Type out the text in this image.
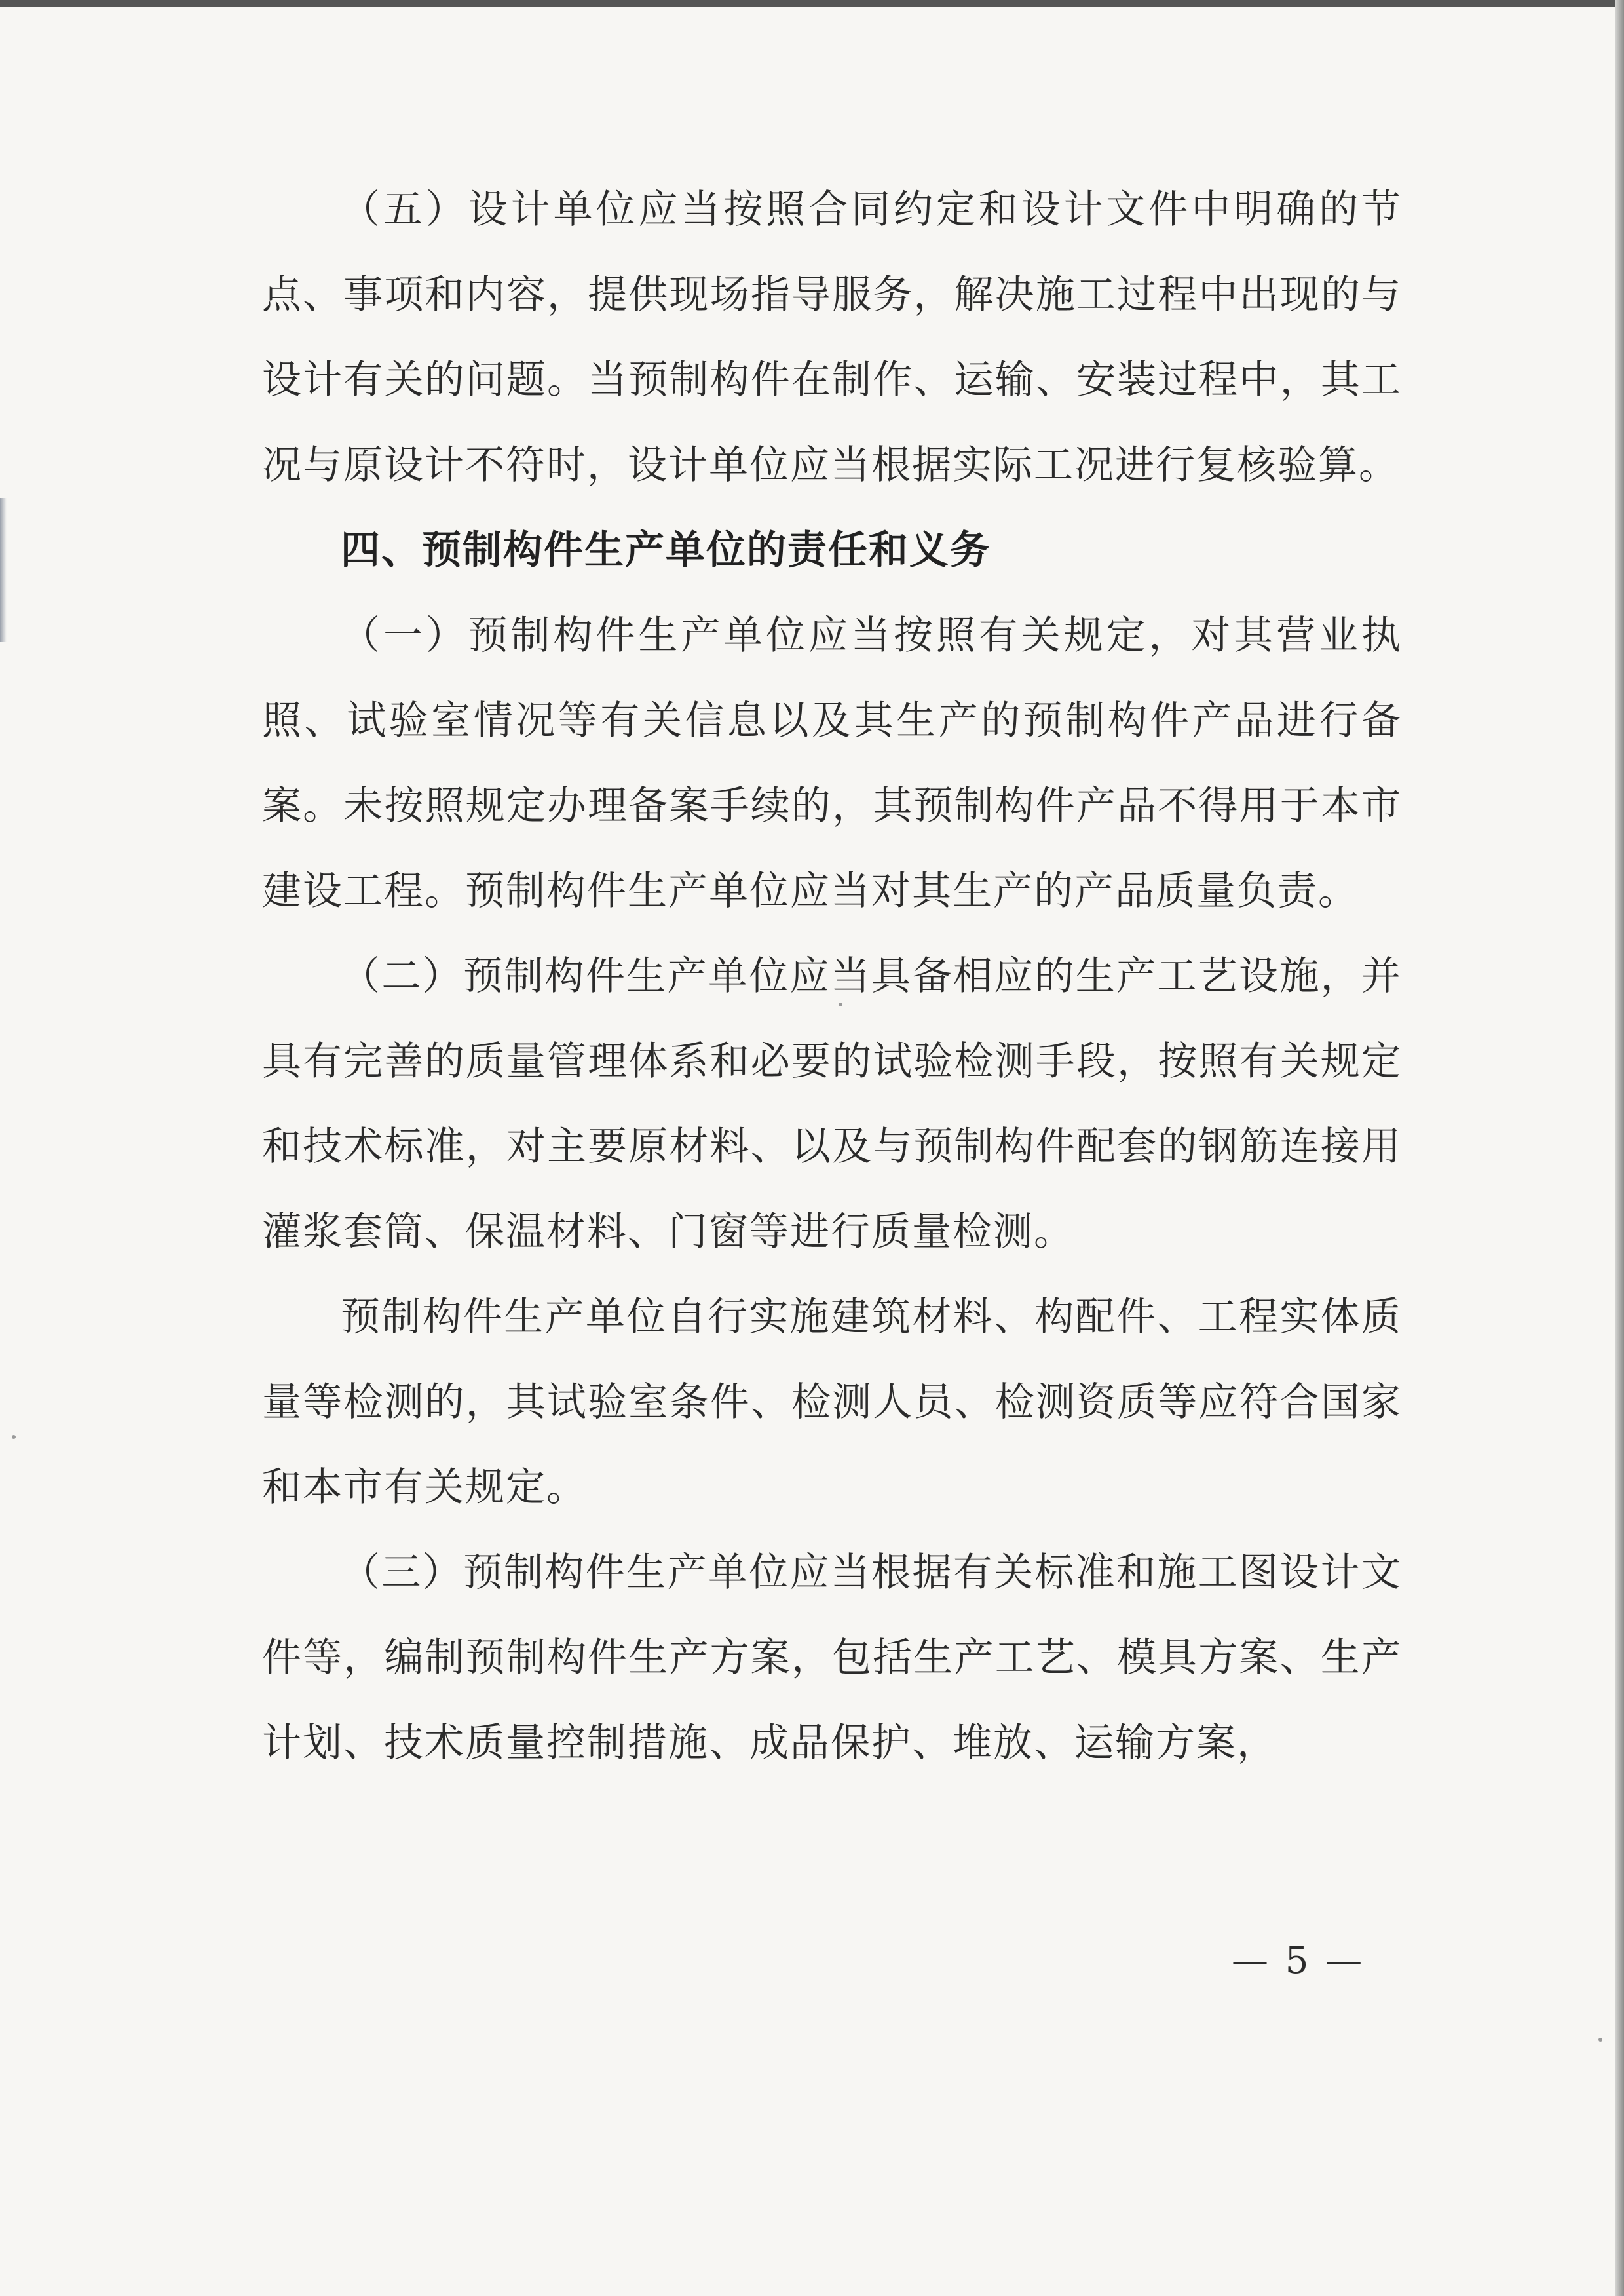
（五）设计单位应当按照合同约定和设计文件中明确的节点、事项和内容，提供现场指导服务，解决施工过程中出现的与设计有关的问题。当预制构件在制作、运输、安装过程中，其工况与原设计不符时，设计单位应当根据实际工况进行复核验算。

四、预制构件生产单位的责任和义务

（一）预制构件生产单位应当按照有关规定，对其营业执照、试验室情况等有关信息以及其生产的预制构件产品进行备案。未按照规定办理备案手续的，其预制构件产品不得用于本市建设工程。预制构件生产单位应当对其生产的产品质量负责。

（二）预制构件生产单位应当具备相应的生产工艺设施，并具有完善的质量管理体系和必要的试验检测手段，按照有关规定和技术标准，对主要原材料、以及与预制构件配套的钢筋连接用灌浆套筒、保温材料、门窗等进行质量检测。

预制构件生产单位自行实施建筑材料、构配件、工程实体质量等检测的，其试验室条件、检测人员、检测资质等应符合国家和本市有关规定。

（三）预制构件生产单位应当根据有关标准和施工图设计文件等，编制预制构件生产方案，包括生产工艺、模具方案、生产计划、技术质量控制措施、成品保护、堆放、运输方案，

— 5 —
